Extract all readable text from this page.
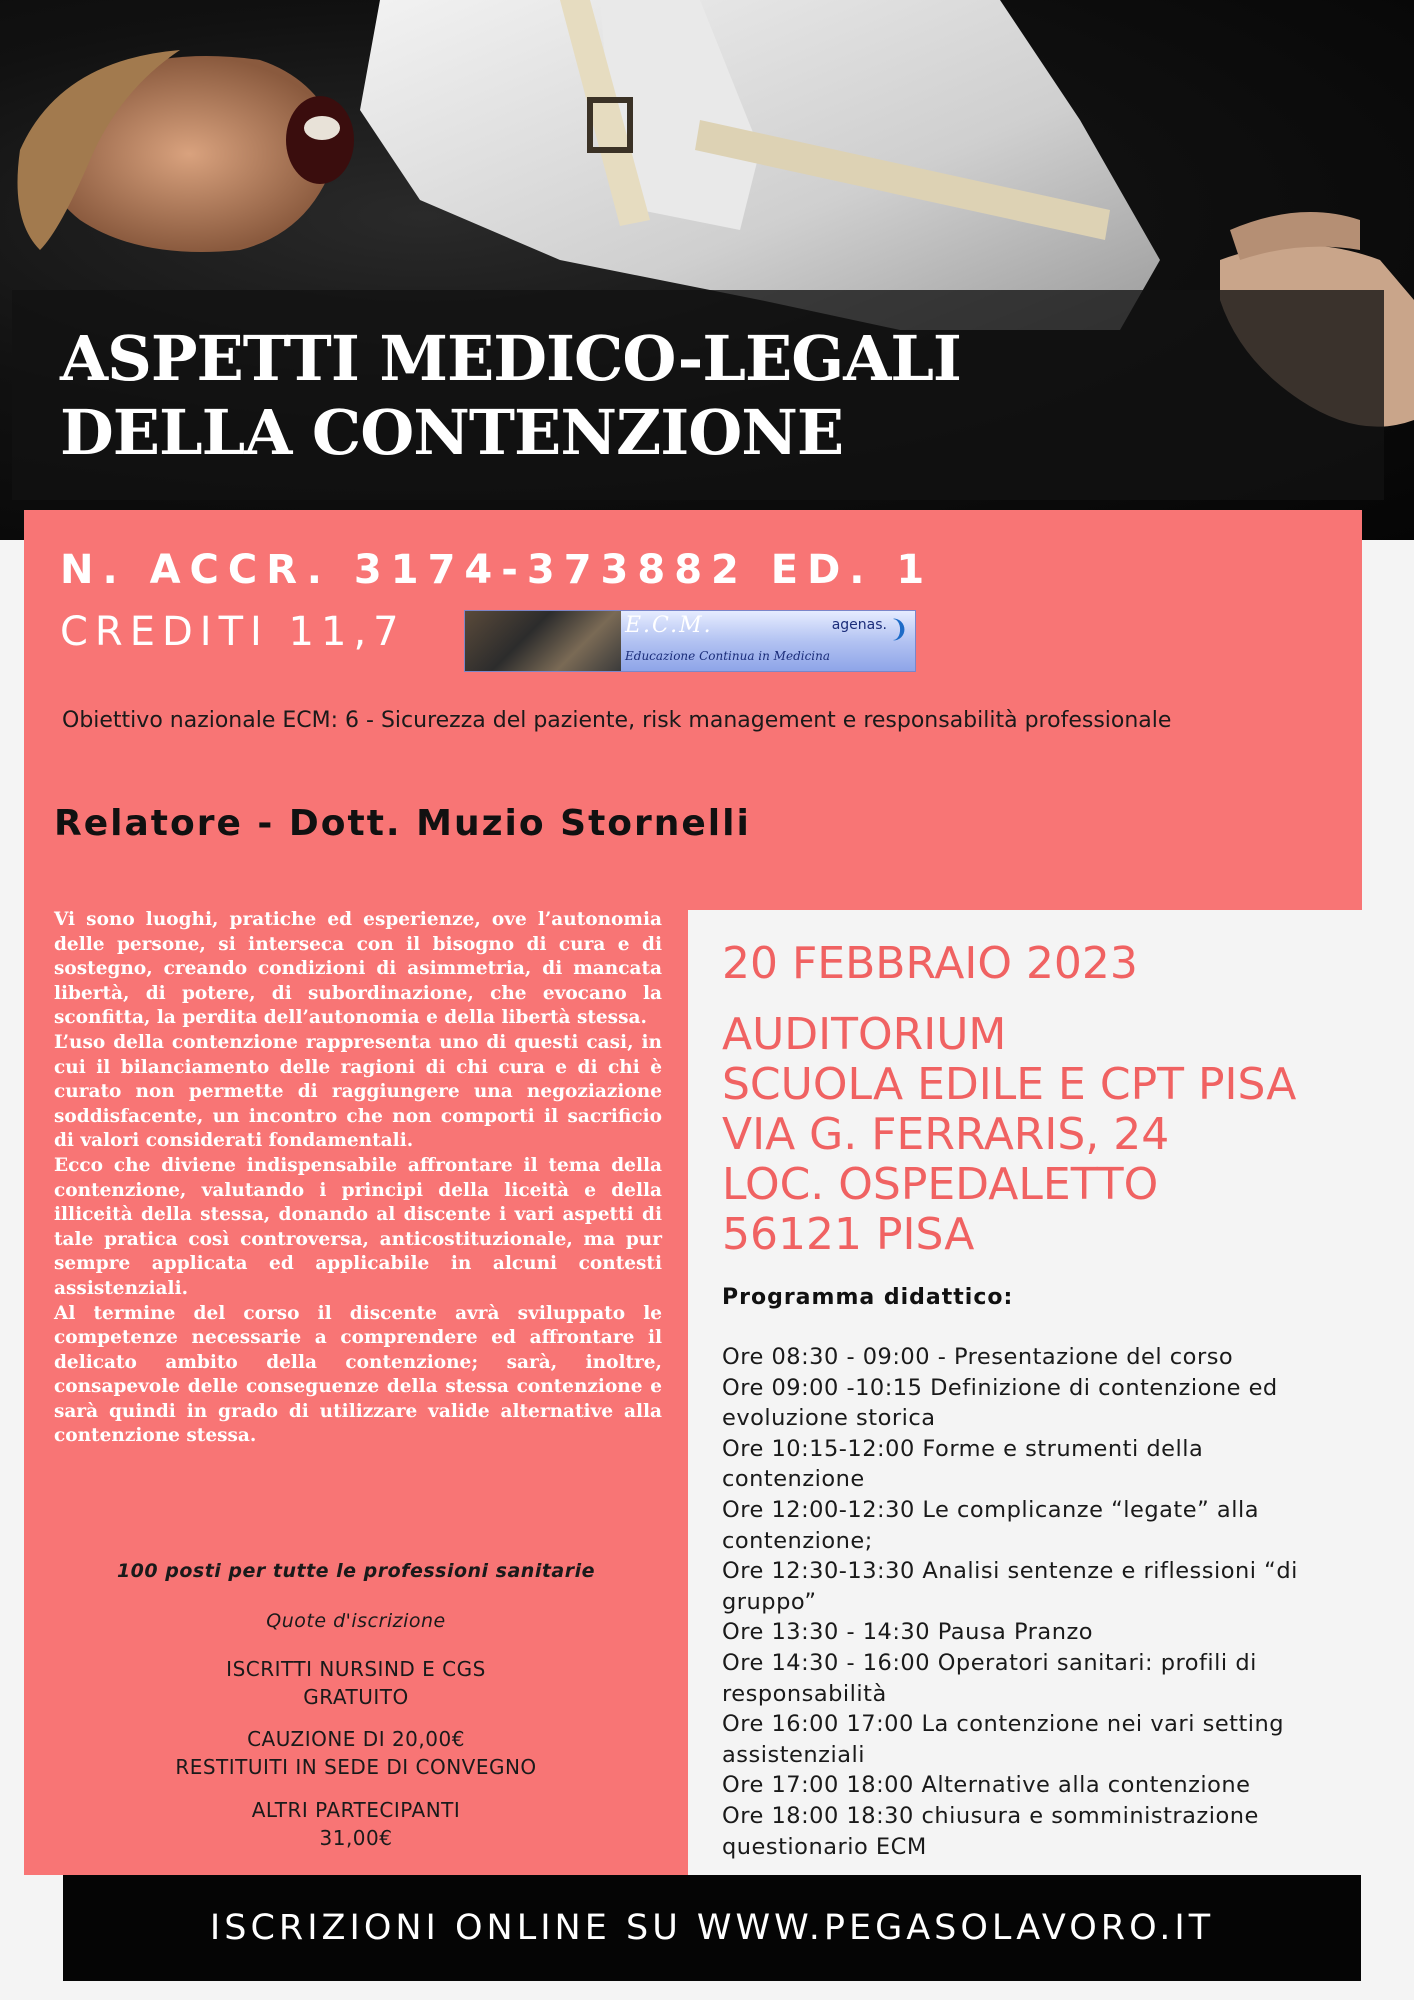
ASPETTI MEDICO-LEGALI
DELLA CONTENZIONE
N. ACCR. 3174-373882 ED. 1
CREDITI 11,7	E.C.M.
Educazione Continua in Medicina
agenas. ❩
Obiettivo nazionale ECM: 6 - Sicurezza del paziente, risk management e responsabilità professionale
Relatore - Dott. Muzio Stornelli

Vi sono luoghi, pratiche ed esperienze, ove l’autonomia delle persone, si interseca con il bisogno di cura e di sostegno, creando condizioni di asimmetria, di mancata libertà, di potere, di subordinazione, che evocano la sconfitta, la perdita dell’autonomia e della libertà stessa.

L’uso della contenzione rappresenta uno di questi casi, in cui il bilanciamento delle ragioni di chi cura e di chi è curato non permette di raggiungere una negoziazione soddisfacente, un incontro che non comporti il sacrificio di valori considerati fondamentali.

Ecco che diviene indispensabile affrontare il tema della contenzione, valutando i principi della liceità e della illiceità della stessa, donando al discente i vari aspetti di tale pratica così controversa, anticostituzionale, ma pur sempre applicata ed applicabile in alcuni contesti assistenziali.

Al termine del corso il discente avrà sviluppato le competenze necessarie a comprendere ed affrontare il delicato ambito della contenzione; sarà, inoltre, consapevole delle conseguenze della stessa contenzione e sarà quindi in grado di utilizzare valide alternative alla contenzione stessa.

100 posti per tutte le professioni sanitarie
Quote d'iscrizione
ISCRITTI NURSIND E CGS
GRATUITO
CAUZIONE DI 20,00€
RESTITUITI IN SEDE DI CONVEGNO
ALTRI PARTECIPANTI
31,00€
20 FEBBRAIO 2023
AUDITORIUM
SCUOLA EDILE E CPT PISA
VIA G. FERRARIS, 24
LOC. OSPEDALETTO
56121 PISA
Programma didattico:
Ore 08:30 - 09:00 - Presentazione del corso
Ore 09:00 -10:15 Definizione di contenzione ed evoluzione storica
Ore 10:15-12:00 Forme e strumenti della contenzione
Ore 12:00-12:30 Le complicanze “legate” alla contenzione;
Ore 12:30-13:30 Analisi sentenze e riflessioni “di gruppo”
Ore 13:30 - 14:30 Pausa Pranzo
Ore 14:30 - 16:00 Operatori sanitari: profili di responsabilità
Ore 16:00 17:00 La contenzione nei vari setting assistenziali
Ore 17:00 18:00 Alternative alla contenzione
Ore 18:00 18:30 chiusura e somministrazione questionario ECM
ISCRIZIONI ONLINE SU WWW.PEGASOLAVORO.IT
